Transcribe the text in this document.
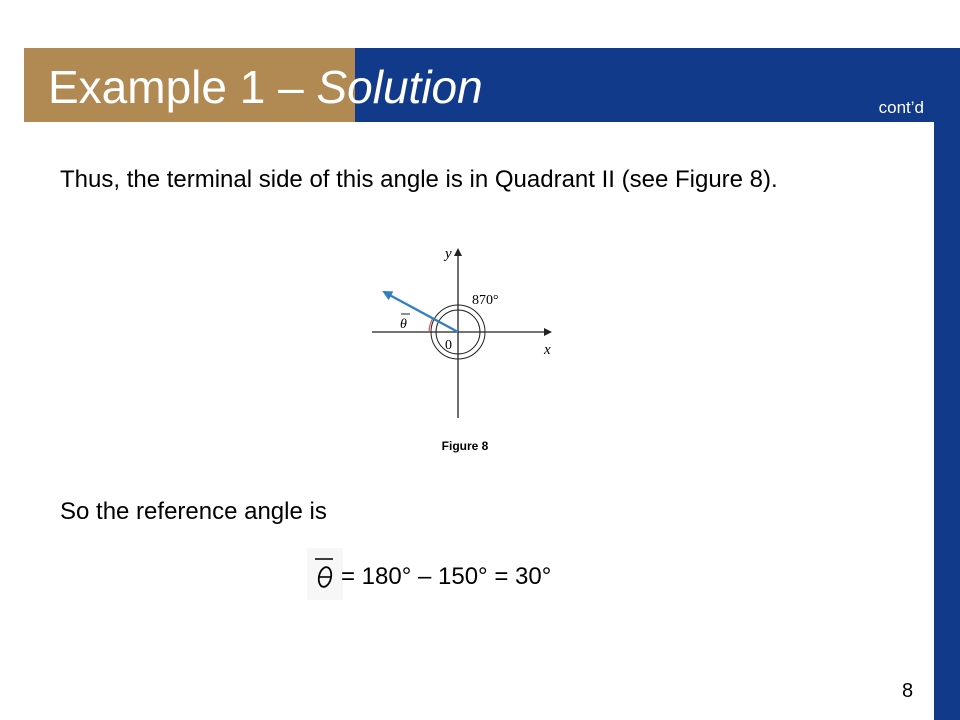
Example 1 – Solution	cont’d
Thus, the terminal side of this angle is in Quadrant II (see Figure 8).
y
x
0
870°
θ
Figure 8
So the reference angle is
= 180° – 150° = 30°
8
